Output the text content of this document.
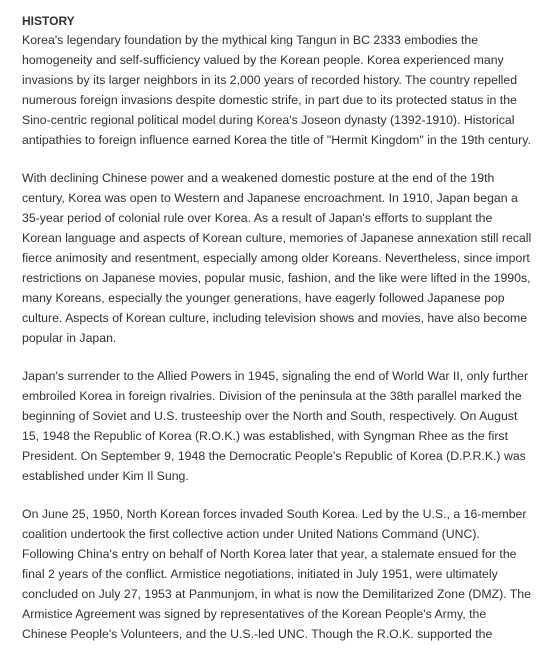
HISTORY

Korea's legendary foundation by the mythical king Tangun in BC 2333 embodies the homogeneity and self-sufficiency valued by the Korean people. Korea experienced many invasions by its larger neighbors in its 2,000 years of recorded history. The country repelled numerous foreign invasions despite domestic strife, in part due to its protected status in the Sino-centric regional political model during Korea's Joseon dynasty (1392-1910). Historical antipathies to foreign influence earned Korea the title of "Hermit Kingdom" in the 19th century.

With declining Chinese power and a weakened domestic posture at the end of the 19th century, Korea was open to Western and Japanese encroachment. In 1910, Japan began a 35-year period of colonial rule over Korea. As a result of Japan's efforts to supplant the Korean language and aspects of Korean culture, memories of Japanese annexation still recall fierce animosity and resentment, especially among older Koreans. Nevertheless, since import restrictions on Japanese movies, popular music, fashion, and the like were lifted in the 1990s, many Koreans, especially the younger generations, have eagerly followed Japanese pop culture. Aspects of Korean culture, including television shows and movies, have also become popular in Japan.

Japan's surrender to the Allied Powers in 1945, signaling the end of World War II, only further embroiled Korea in foreign rivalries. Division of the peninsula at the 38th parallel marked the beginning of Soviet and U.S. trusteeship over the North and South, respectively. On August 15, 1948 the Republic of Korea (R.O.K.) was established, with Syngman Rhee as the first President. On September 9, 1948 the Democratic People's Republic of Korea (D.P.R.K.) was established under Kim Il Sung.

On June 25, 1950, North Korean forces invaded South Korea. Led by the U.S., a 16-member coalition undertook the first collective action under United Nations Command (UNC). Following China's entry on behalf of North Korea later that year, a stalemate ensued for the final 2 years of the conflict. Armistice negotiations, initiated in July 1951, were ultimately concluded on July 27, 1953 at Panmunjom, in what is now the Demilitarized Zone (DMZ). The Armistice Agreement was signed by representatives of the Korean People's Army, the Chinese People's Volunteers, and the U.S.-led UNC. Though the R.O.K. supported the
